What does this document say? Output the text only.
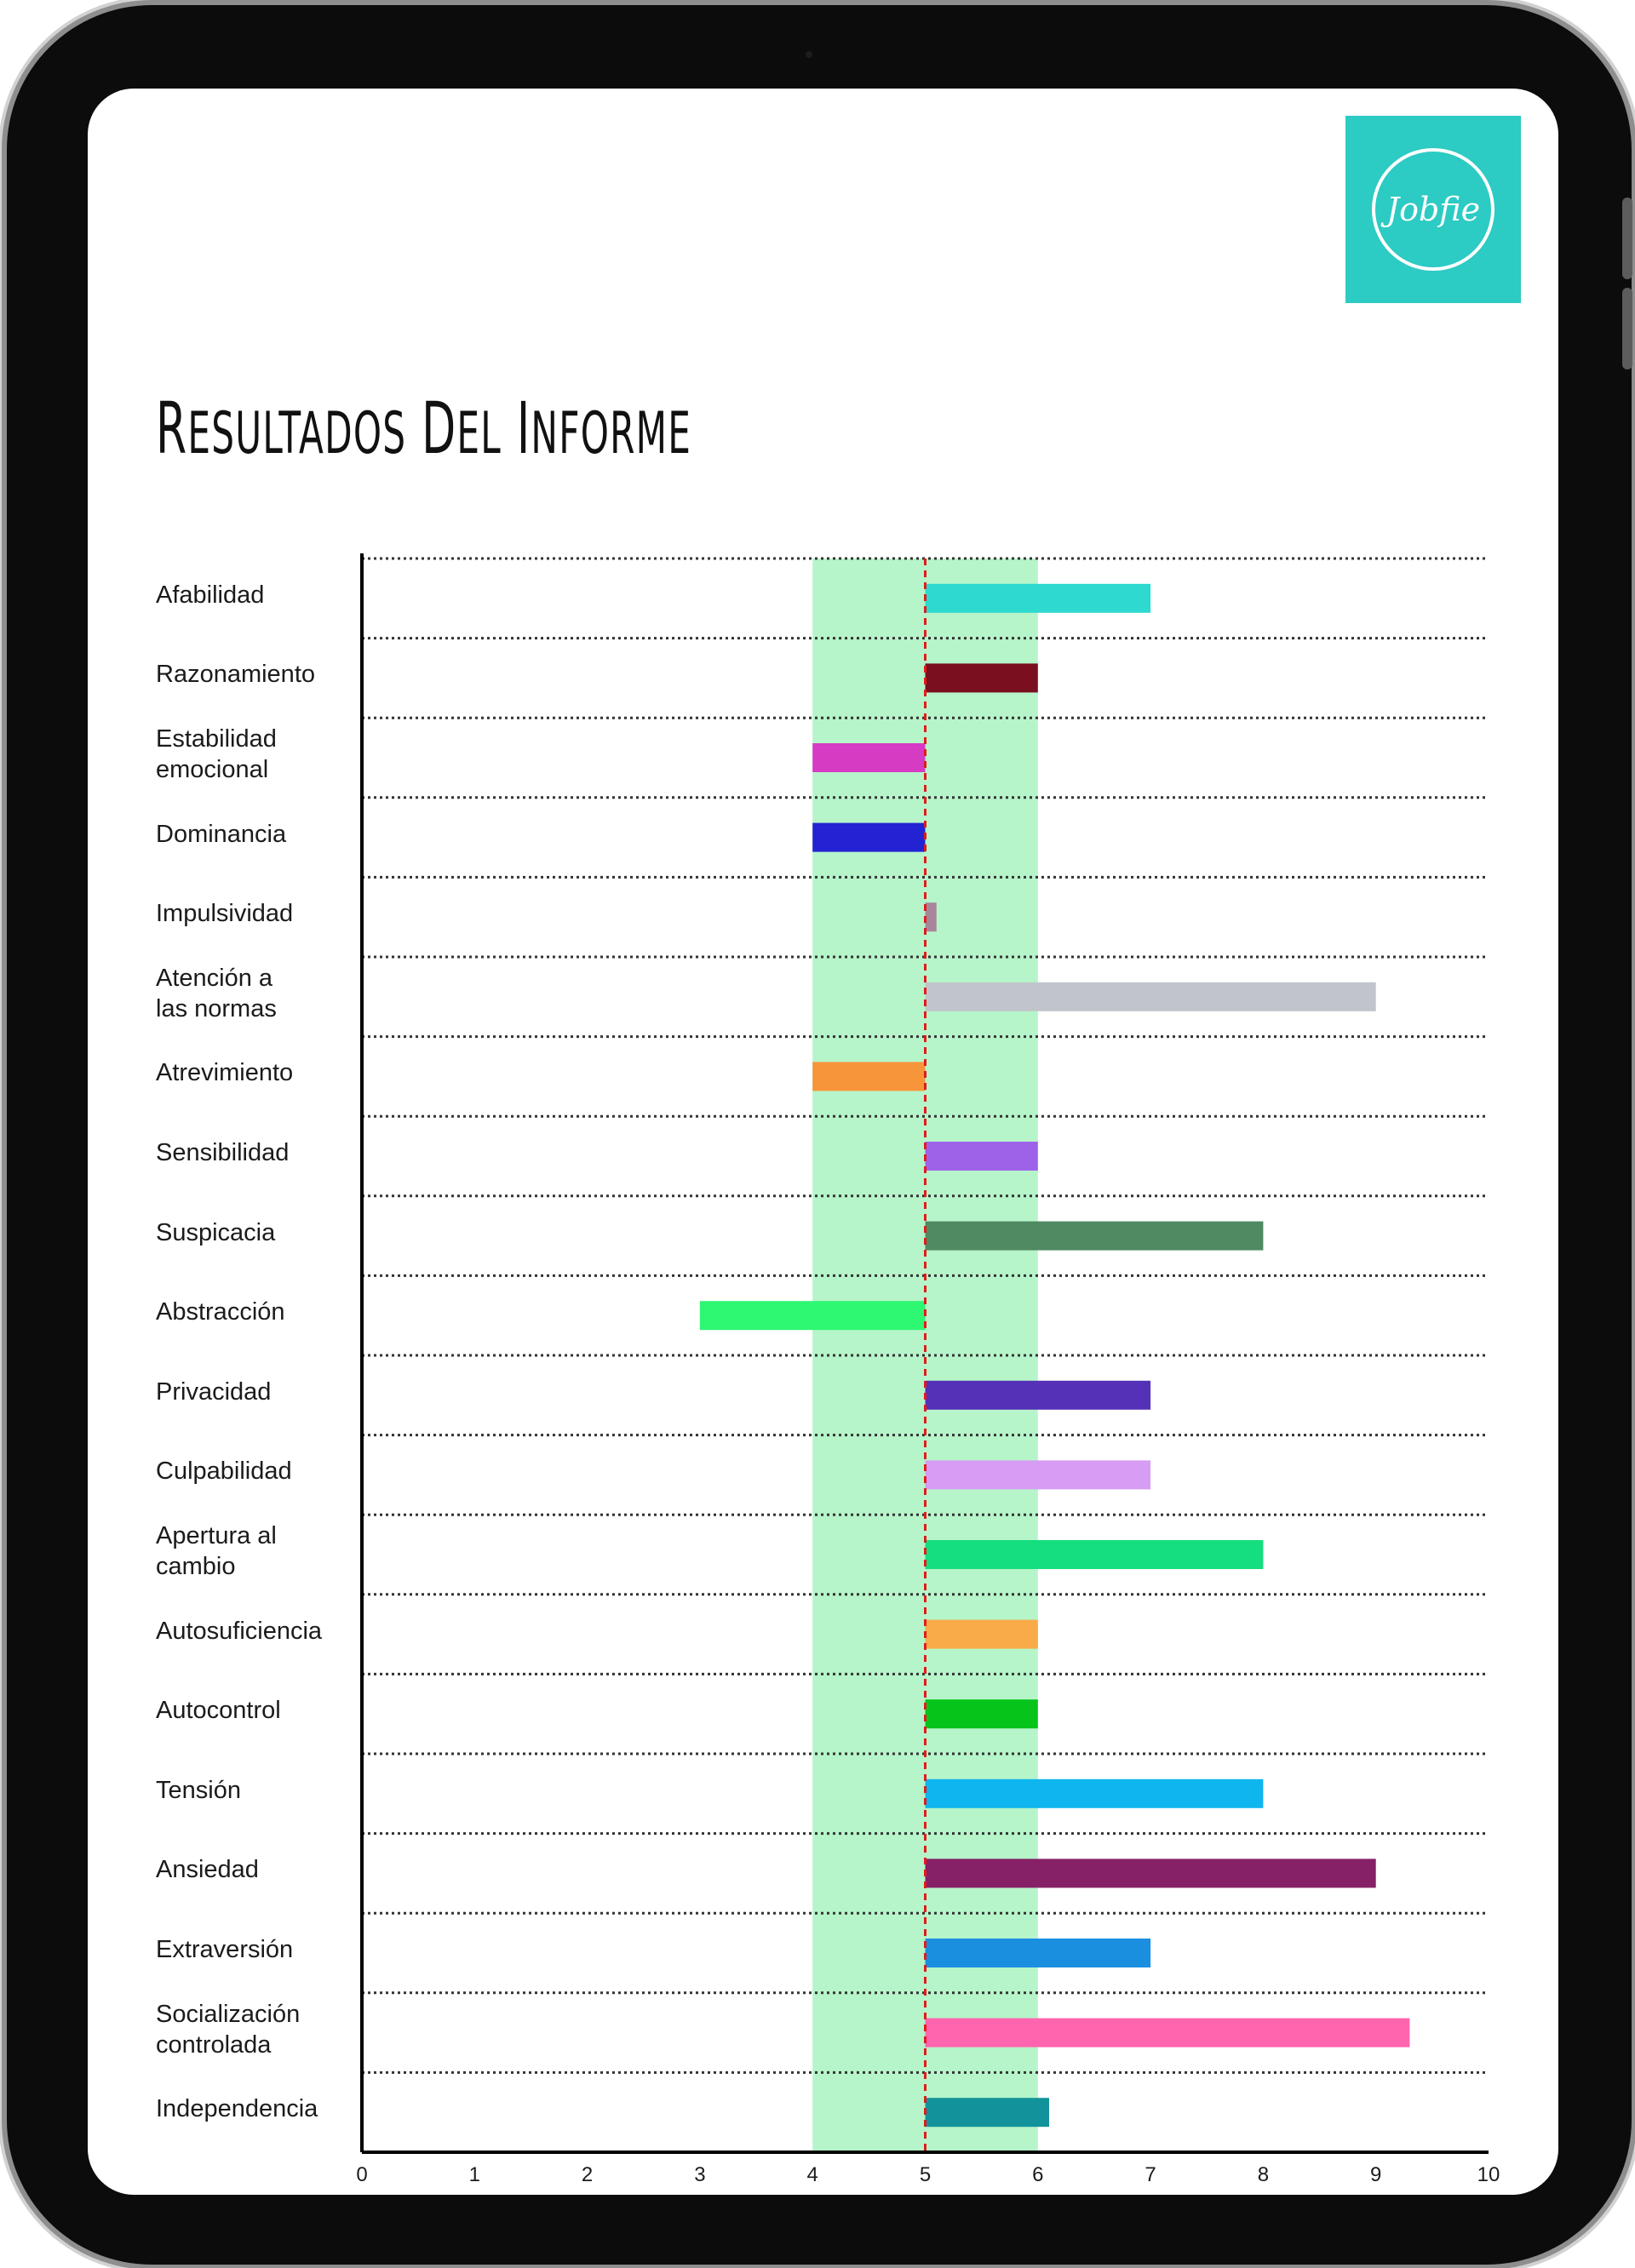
Jobfie
RESULTADOS DEL INFORME
Afabilidad
Razonamiento
Estabilidad
emocional
Dominancia
Impulsividad
Atención a
las normas
Atrevimiento
Sensibilidad
Suspicacia
Abstracción
Privacidad
Culpabilidad
Apertura al
cambio
Autosuficiencia
Autocontrol
Tensión
Ansiedad
Extraversión
Socialización
controlada
Independencia
0	1	2	3	4	5	6	7	8	9	10
